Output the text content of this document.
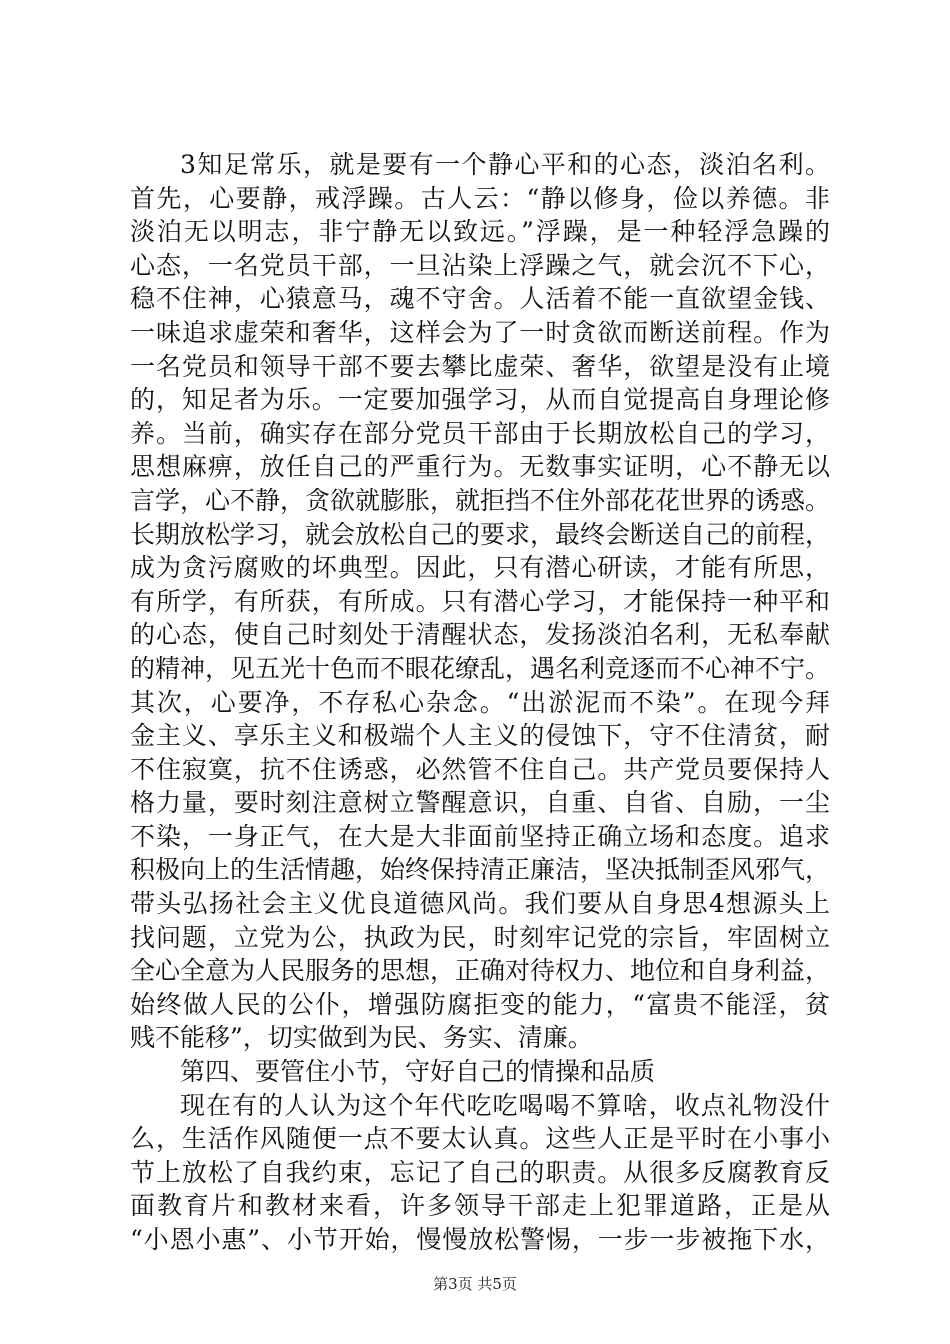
3知足常乐，就是要有一个静心平和的心态，淡泊名利。
首先，心要静，戒浮躁。古人云：“静以修身，俭以养德。非
淡泊无以明志，非宁静无以致远。”浮躁，是一种轻浮急躁的
心态，一名党员干部，一旦沾染上浮躁之气，就会沉不下心，
稳不住神，心猿意马，魂不守舍。人活着不能一直欲望金钱、
一味追求虚荣和奢华，这样会为了一时贪欲而断送前程。作为
一名党员和领导干部不要去攀比虚荣、奢华，欲望是没有止境
的，知足者为乐。一定要加强学习，从而自觉提高自身理论修
养。当前，确实存在部分党员干部由于长期放松自己的学习，
思想麻痹，放任自己的严重行为。无数事实证明，心不静无以
言学，心不静，贪欲就膨胀，就拒挡不住外部花花世界的诱惑。
长期放松学习，就会放松自己的要求，最终会断送自己的前程，
成为贪污腐败的坏典型。因此，只有潜心研读，才能有所思，
有所学，有所获，有所成。只有潜心学习，才能保持一种平和
的心态，使自己时刻处于清醒状态，发扬淡泊名利，无私奉献
的精神，见五光十色而不眼花缭乱，遇名利竞逐而不心神不宁。
其次，心要净，不存私心杂念。“出淤泥而不染”。在现今拜
金主义、享乐主义和极端个人主义的侵蚀下，守不住清贫，耐
不住寂寞，抗不住诱惑，必然管不住自己。共产党员要保持人
格力量，要时刻注意树立警醒意识，自重、自省、自励，一尘
不染，一身正气，在大是大非面前坚持正确立场和态度。追求
积极向上的生活情趣，始终保持清正廉洁，坚决抵制歪风邪气，
带头弘扬社会主义优良道德风尚。我们要从自身思4想源头上
找问题，立党为公，执政为民，时刻牢记党的宗旨，牢固树立
全心全意为人民服务的思想，正确对待权力、地位和自身利益，
始终做人民的公仆，增强防腐拒变的能力，“富贵不能淫，贫
贱不能移”，切实做到为民、务实、清廉。
第四、要管住小节，守好自己的情操和品质
现在有的人认为这个年代吃吃喝喝不算啥，收点礼物没什
么，生活作风随便一点不要太认真。这些人正是平时在小事小
节上放松了自我约束，忘记了自己的职责。从很多反腐教育反
面教育片和教材来看，许多领导干部走上犯罪道路，正是从
“小恩小惠”、小节开始，慢慢放松警惕，一步一步被拖下水，
第3页 共5页
